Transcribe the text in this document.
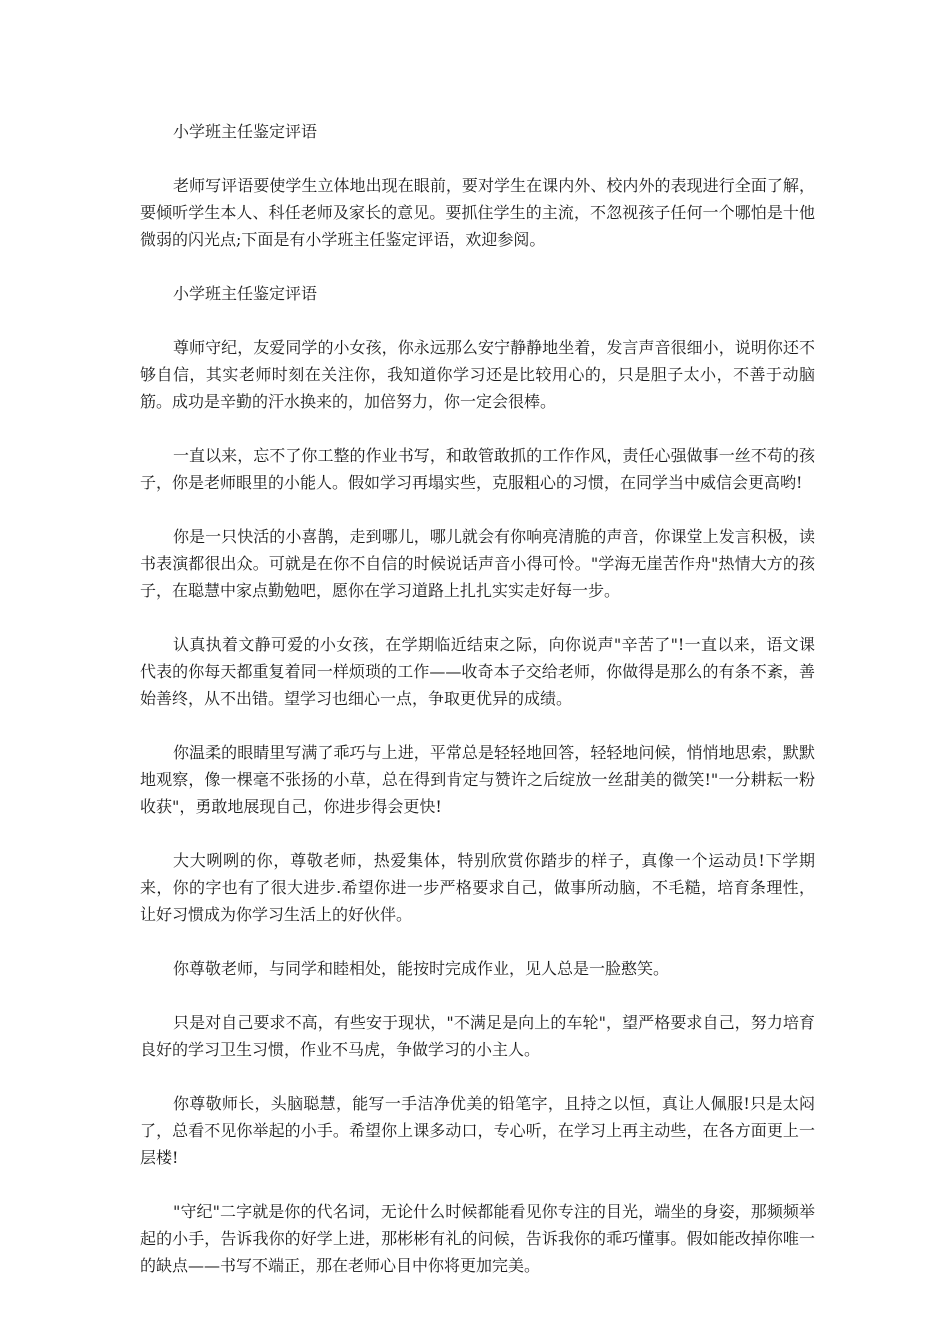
小学班主任鉴定评语

老师写评语要使学生立体地出现在眼前，要对学生在课内外、校内外的表现进行全面了解，要倾听学生本人、科任老师及家长的意见。要抓住学生的主流，不忽视孩子任何一个哪怕是十他微弱的闪光点;下面是有小学班主任鉴定评语，欢迎参阅。

小学班主任鉴定评语

尊师守纪，友爱同学的小女孩，你永远那么安宁静静地坐着，发言声音很细小，说明你还不够自信，其实老师时刻在关注你，我知道你学习还是比较用心的，只是胆子太小，不善于动脑筋。成功是辛勤的汗水换来的，加倍努力，你一定会很棒。

一直以来，忘不了你工整的作业书写，和敢管敢抓的工作作风，责任心强做事一丝不苟的孩子，你是老师眼里的小能人。假如学习再塌实些，克服粗心的习惯，在同学当中威信会更高哟!

你是一只快活的小喜鹊，走到哪儿，哪儿就会有你响亮清脆的声音，你课堂上发言积极，读书表演都很出众。可就是在你不自信的时候说话声音小得可怜。"学海无崖苦作舟"热情大方的孩子，在聪慧中家点勤勉吧，愿你在学习道路上扎扎实实走好每一步。

认真执着文静可爱的小女孩，在学期临近结束之际，向你说声"辛苦了"!一直以来，语文课代表的你每天都重复着同一样烦琐的工作——收奇本子交给老师，你做得是那么的有条不紊，善始善终，从不出错。望学习也细心一点，争取更优异的成绩。

你温柔的眼睛里写满了乖巧与上进，平常总是轻轻地回答，轻轻地问候，悄悄地思索，默默地观察，像一棵毫不张扬的小草，总在得到肯定与赞许之后绽放一丝甜美的微笑!"一分耕耘一粉收获"，勇敢地展现自己，你进步得会更快!

大大咧咧的你，尊敬老师，热爱集体，特别欣赏你踏步的样子，真像一个运动员!下学期来，你的字也有了很大进步.希望你进一步严格要求自己，做事所动脑，不毛糙，培育条理性，让好习惯成为你学习生活上的好伙伴。

你尊敬老师，与同学和睦相处，能按时完成作业，见人总是一脸憨笑。

只是对自己要求不高，有些安于现状，"不满足是向上的车轮"，望严格要求自己，努力培育良好的学习卫生习惯，作业不马虎，争做学习的小主人。

你尊敬师长，头脑聪慧，能写一手洁净优美的铅笔字，且持之以恒，真让人佩服!只是太闷了，总看不见你举起的小手。希望你上课多动口，专心听，在学习上再主动些，在各方面更上一层楼!

"守纪"二字就是你的代名词，无论什么时候都能看见你专注的目光，端坐的身姿，那频频举起的小手，告诉我你的好学上进，那彬彬有礼的问候，告诉我你的乖巧懂事。假如能改掉你唯一的缺点——书写不端正，那在老师心目中你将更加完美。
